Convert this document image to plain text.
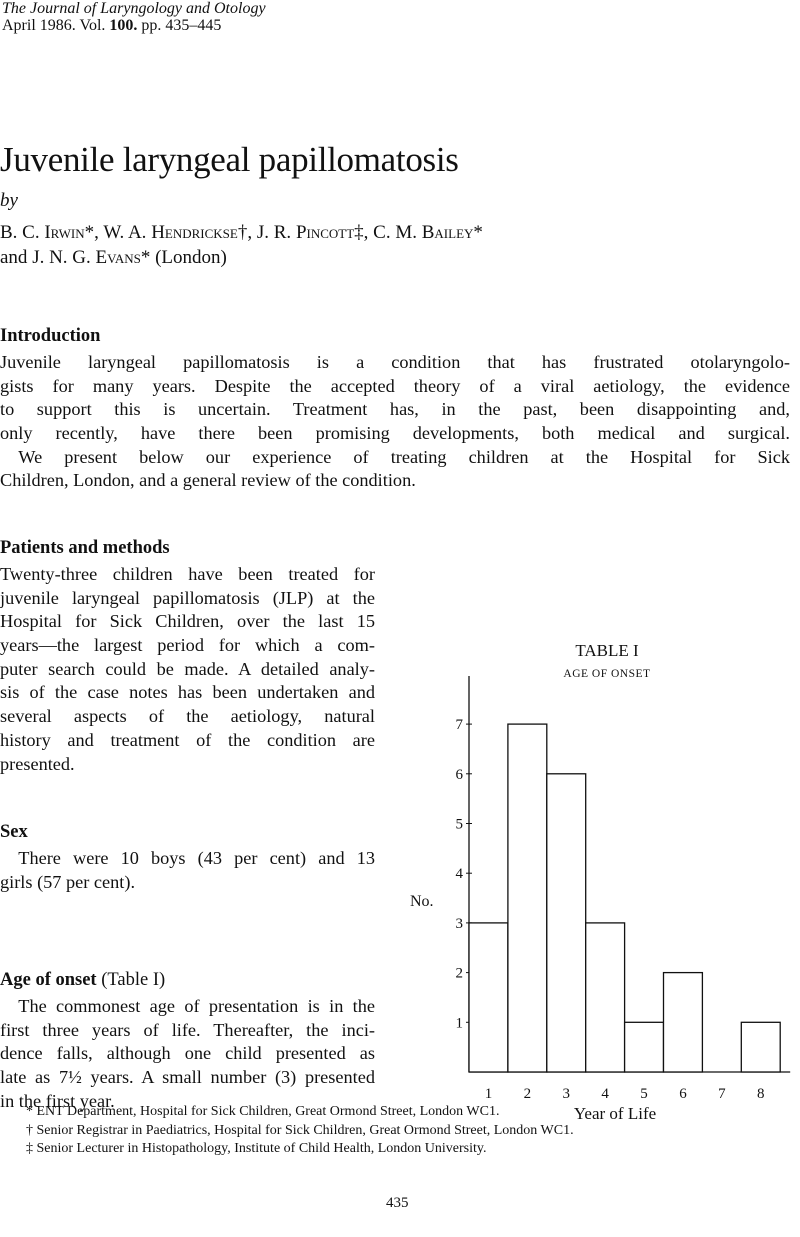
The Journal of Laryngology and Otology
April 1986. Vol. 100. pp. 435–445
Juvenile laryngeal papillomatosis
by
B. C. Irwin*, W. A. Hendrickse†, J. R. Pincott‡, C. M. Bailey*
and J. N. G. Evans* (London)
Introduction
Juvenile laryngeal papillomatosis is a condition that has frustrated otolaryngolo-
gists for many years. Despite the accepted theory of a viral aetiology, the evidence
to support this is uncertain. Treatment has, in the past, been disappointing and,
only recently, have there been promising developments, both medical and surgical.
 We present below our experience of treating children at the Hospital for Sick
Children, London, and a general review of the condition.
Patients and methods
Twenty-three children have been treated for
juvenile laryngeal papillomatosis (JLP) at the
Hospital for Sick Children, over the last 15
years—the largest period for which a com-
puter search could be made. A detailed analy-
sis of the case notes has been undertaken and
several aspects of the aetiology, natural
history and treatment of the condition are
presented.
Sex
 There were 10 boys (43 per cent) and 13
girls (57 per cent).
Age of onset (Table I)
 The commonest age of presentation is in the
first three years of life. Thereafter, the inci-
dence falls, although one child presented as
late as 7½ years. A small number (3) presented
in the first year.
TABLE I
AGE OF ONSET
No.
Year of Life
1
2
3
4
5
6
7
1 2 3 4 5 6 7 8
* ENT Department, Hospital for Sick Children, Great Ormond Street, London WC1.
† Senior Registrar in Paediatrics, Hospital for Sick Children, Great Ormond Street, London WC1.
‡ Senior Lecturer in Histopathology, Institute of Child Health, London University.
435
